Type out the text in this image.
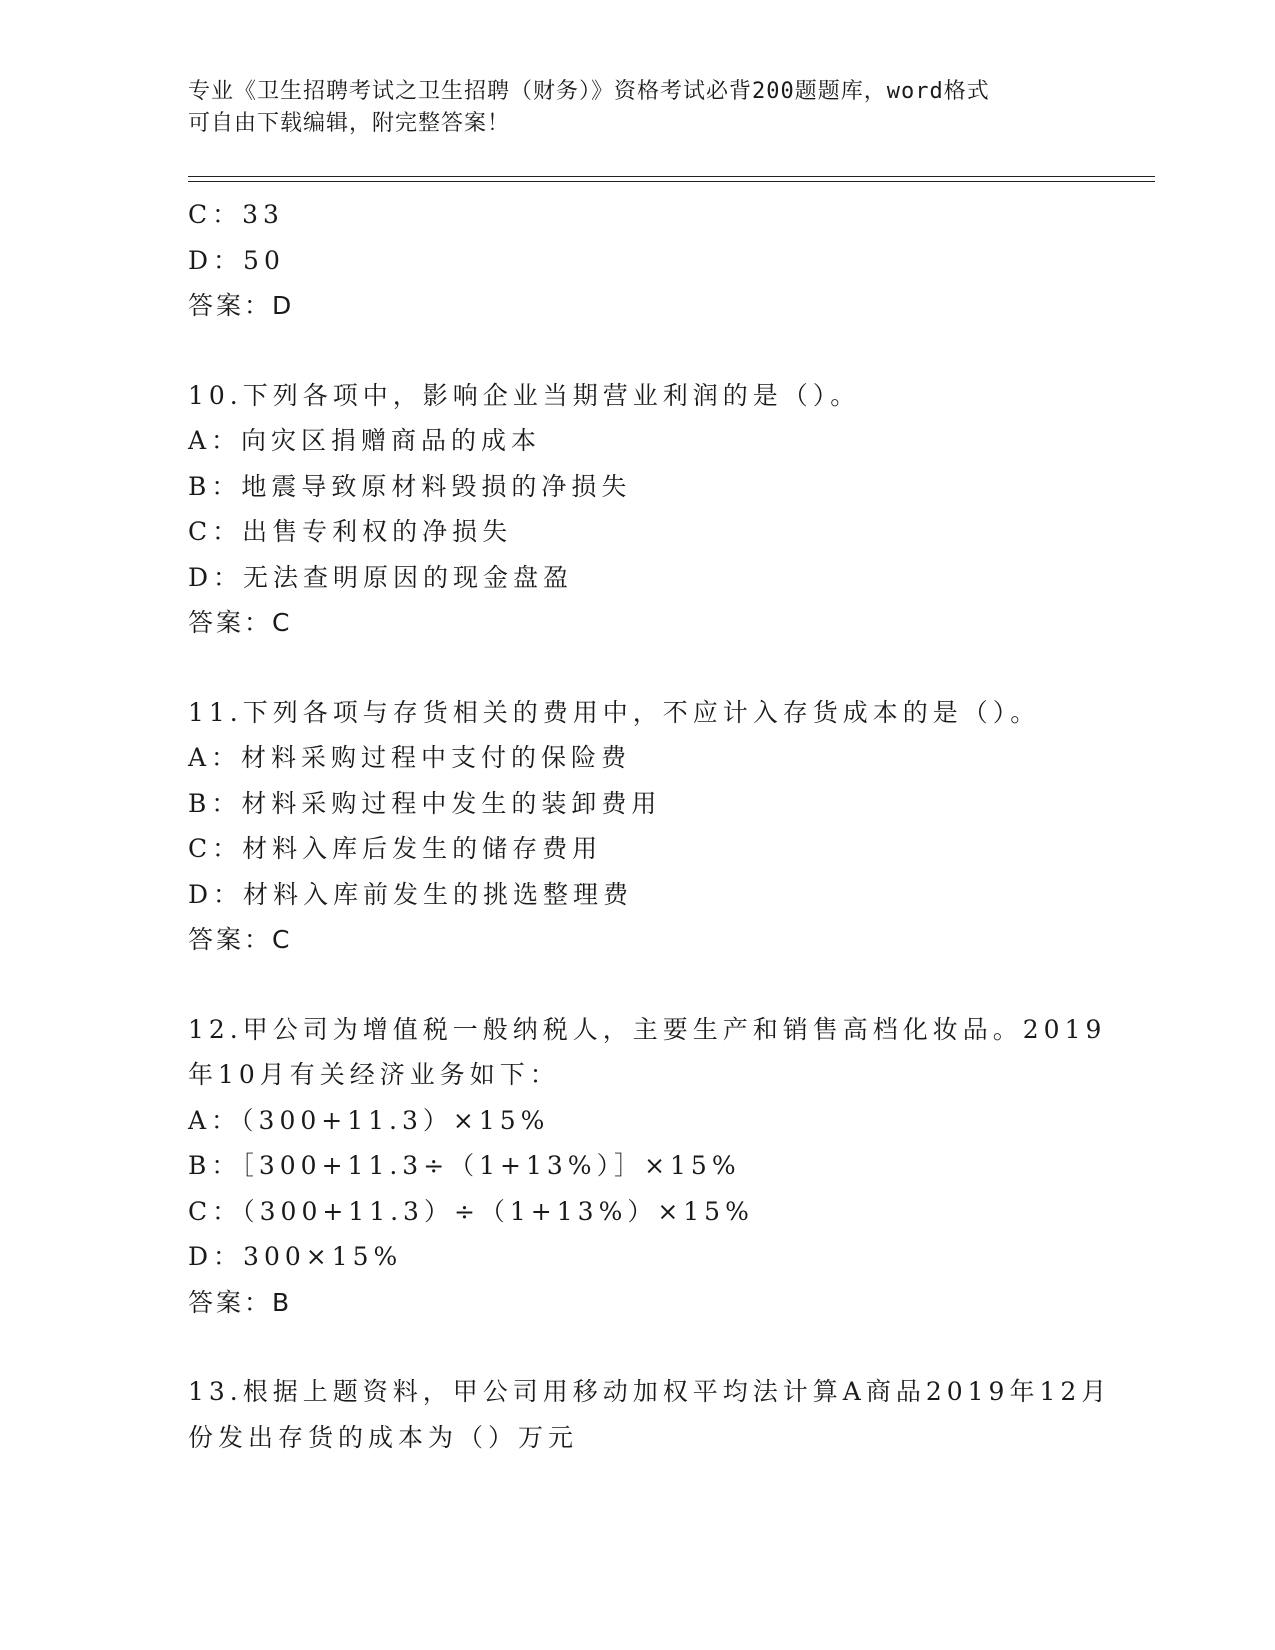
专业《卫生招聘考试之卫生招聘（财务）》资格考试必背200题题库，word格式
可自由下载编辑，附完整答案！
C：33
D：50
答案：D
10.下列各项中，影响企业当期营业利润的是（）。
A：向灾区捐赠商品的成本
B：地震导致原材料毁损的净损失
C：出售专利权的净损失
D：无法查明原因的现金盘盈
答案：C
11.下列各项与存货相关的费用中，不应计入存货成本的是（）。
A：材料采购过程中支付的保险费
B：材料采购过程中发生的装卸费用
C：材料入库后发生的储存费用
D：材料入库前发生的挑选整理费
答案：C
12.甲公司为增值税一般纳税人，主要生产和销售高档化妆品。2019
年10月有关经济业务如下：
A：（300+11.3）×15%
B：［300+11.3÷（1+13%）］×15%
C：（300+11.3）÷（1+13%）×15%
D：300×15%
答案：B
13.根据上题资料，甲公司用移动加权平均法计算A商品2019年12月
份发出存货的成本为（）万元
